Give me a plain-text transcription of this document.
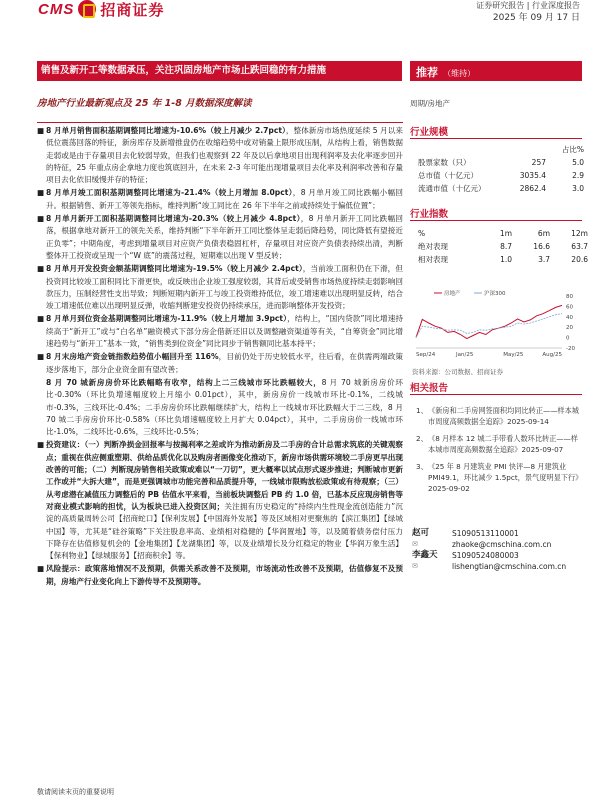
CMS 招商证券	证券研究报告 | 行业深度报告
2025 年 09 月 17 日
销售及新开工等数据承压，关注巩固房地产市场止跌回稳的有力措施	推荐 （维持）
房地产行业最新观点及 25 年 1-8 月数据深度解读
■ 8 月单月销售面积基期调整同比增速为-10.6%（较上月减少 2.7pct），整体新房市场热度延续 5 月以来低位震荡回落的特征，新房库存及新增推盘仍在收缩趋势中或对销量上限形成压制，从结构上看，销售数据走弱或是由于存量项目去化较弱导致，但我们也观察到 22 年及以后拿地项目出现利润率及去化率逐步回升的特征，25 年重点房企拿地力度也筑底回升，在未来 2-3 年可能出现增量项目去化率及利润率改善和存量项目去化依旧缓慢并存的特征；
■ 8 月单月竣工面积基期调整同比增速为-21.4%（较上月增加 8.0pct），8 月单月竣工同比跌幅小幅回升。根据销售、新开工等领先指标，维持判断“竣工同比在 26 年下半年之前或持续处于偏低位置”；
■ 8 月单月新开工面积基期调整同比增速为-20.3%（较上月减少 4.8pct），8 月单月新开工同比跌幅回落，根据拿地对新开工的领先关系，维持判断“下半年新开工同比整体呈走弱后降趋势，同比降低有望接近正负零”；中期角度，考虑到增量项目对应资产负债表稳固杠杆，存量项目对应资产负债表持续出清，判断整体开工投资或呈现一个“W 底”的震荡过程，短期难以出现 V 型反转；
■ 8 月单月开发投资金额基期调整同比增速为-19.5%（较上月减少 2.4pct），当前竣工面积仍在下滑，但投资同比较竣工面积同比下滑更快，或反映出企业竣工强度较弱，其背后或受销售市场热度持续走弱影响回款压力，压制经营性支出导致；判断短期内新开工与竣工投资维持低位，竣工增速难以出现明显反转，结合竣工增速低位难以出现明显反弹，收缩判断建安投资仍持续承压，进而影响整体开发投资；
■ 8 月单月到位资金基期调整同比增速为-11.9%（较上月增加 3.9pct），结构上，“国内贷款”同比增速持续高于“新开工”或与“白名单”融资模式下部分房企借新还旧以及调整融资渠道等有关，“自筹资金”同比增速趋势与“新开工”基本一致，“销售类到位资金”同比同步于销售额同比基本持平；
■ 8 月末房地产资金链指数趋势值小幅回升至 116%，目前仍处于历史较低水平，往后看，在供需两端政策逐步落地下，部分企业资金面有望改善；
8 月 70 城新房房价环比跌幅略有收窄，结构上二三线城市环比跌幅较大，8 月 70 城新房房价环比-0.30%（环比负增速幅度较上月缩小 0.01pct），其中，新房房价一线城市环比-0.1%，二线城市-0.3%，三线环比-0.4%；二手房房价环比跌幅继续扩大，结构上一线城市环比跌幅大于二三线，8 月 70 城二手房房价环比-0.58%（环比负增速幅度较上月扩大 0.04pct），其中，二手房房价一线城市环比-1.0%，二线环比-0.6%，三线环比-0.5%；
■ 投资建议：（一）判断净损金回报率与按揭利率之差或许为推动新房及二手房的合计总需求筑底的关键观察点；重视在供应侧重塑期、供给品质优化以及购房者画像变化推动下，新房市场供需环境较二手房更早出现改善的可能；（二）判断现房销售相关政策或难以“一刀切”，更大概率以试点形式逐步推进；判断城市更新工作或并“大拆大建”，而是更强调城市功能完善和品质提升等，一线城市限购放松政策或有待观察；（三）从考虑潜在减值压力调整后的 PB 估值水平来看，当前板块调整后 PB 约 1.0 倍，已基本反应现房销售等对商业模式影响的担忧，认为板块已进入投资区间；关注拥有历史稳定的“持续内生性现金流创造能力”沉淀的高质量周转公司【招商蛇口】【保利发展】【中国海外发展】等及区域相对更聚焦的【滨江集团】【绿城中国】等，尤其是“硅谷策略”下关注股息率高、业绩相对稳健的【华润置地】等，以及随着债务偿付压力下降存在估值修复机会的【金地集团】【龙湖集团】等，以及业绩增长及分红稳定的物业【华润万象生活】【保利物业】【绿城服务】【招商积余】等。
■ 风险提示：政策落地情况不及预期，供需关系改善不及预期，市场流动性改善不及预期，估值修复不及预期，房地产行业变化向上下游传导不及预期等。
周期/房地产
行业规模
		占比%
股票家数（只）	257	5.0
总市值（十亿元）	3035.4	2.9
流通市值（十亿元）	2862.4	3.0
行业指数
%	1m	6m	12m
绝对表现	8.7	16.6	63.7
相对表现	1.0	3.7	20.6
80
60
40
20
0
-20
Sep/24	Jan/25	May/25	Aug/25
房地产	沪深300
资料来源：公司数据、招商证券
相关报告
1、 《新房和二手房网签面积均同比转正——样本城市周度高频数据全追踪》2025-09-14
2、 《8 月样本 12 城二手带看人数环比转正——样本城市周度高频数据全追踪》2025-09-07
3、 《25 年 8 月建筑业 PMI 快评—8 月建筑业 PMI49.1，环比减少 1.5pct，景气度明显下行》2025-09-02
赵可	S1090513110001
✉	zhaoke@cmschina.com.cn
李鑫天	S1090524080003
✉	lishengtian@cmschina.com.cn
敬请阅读末页的重要说明
